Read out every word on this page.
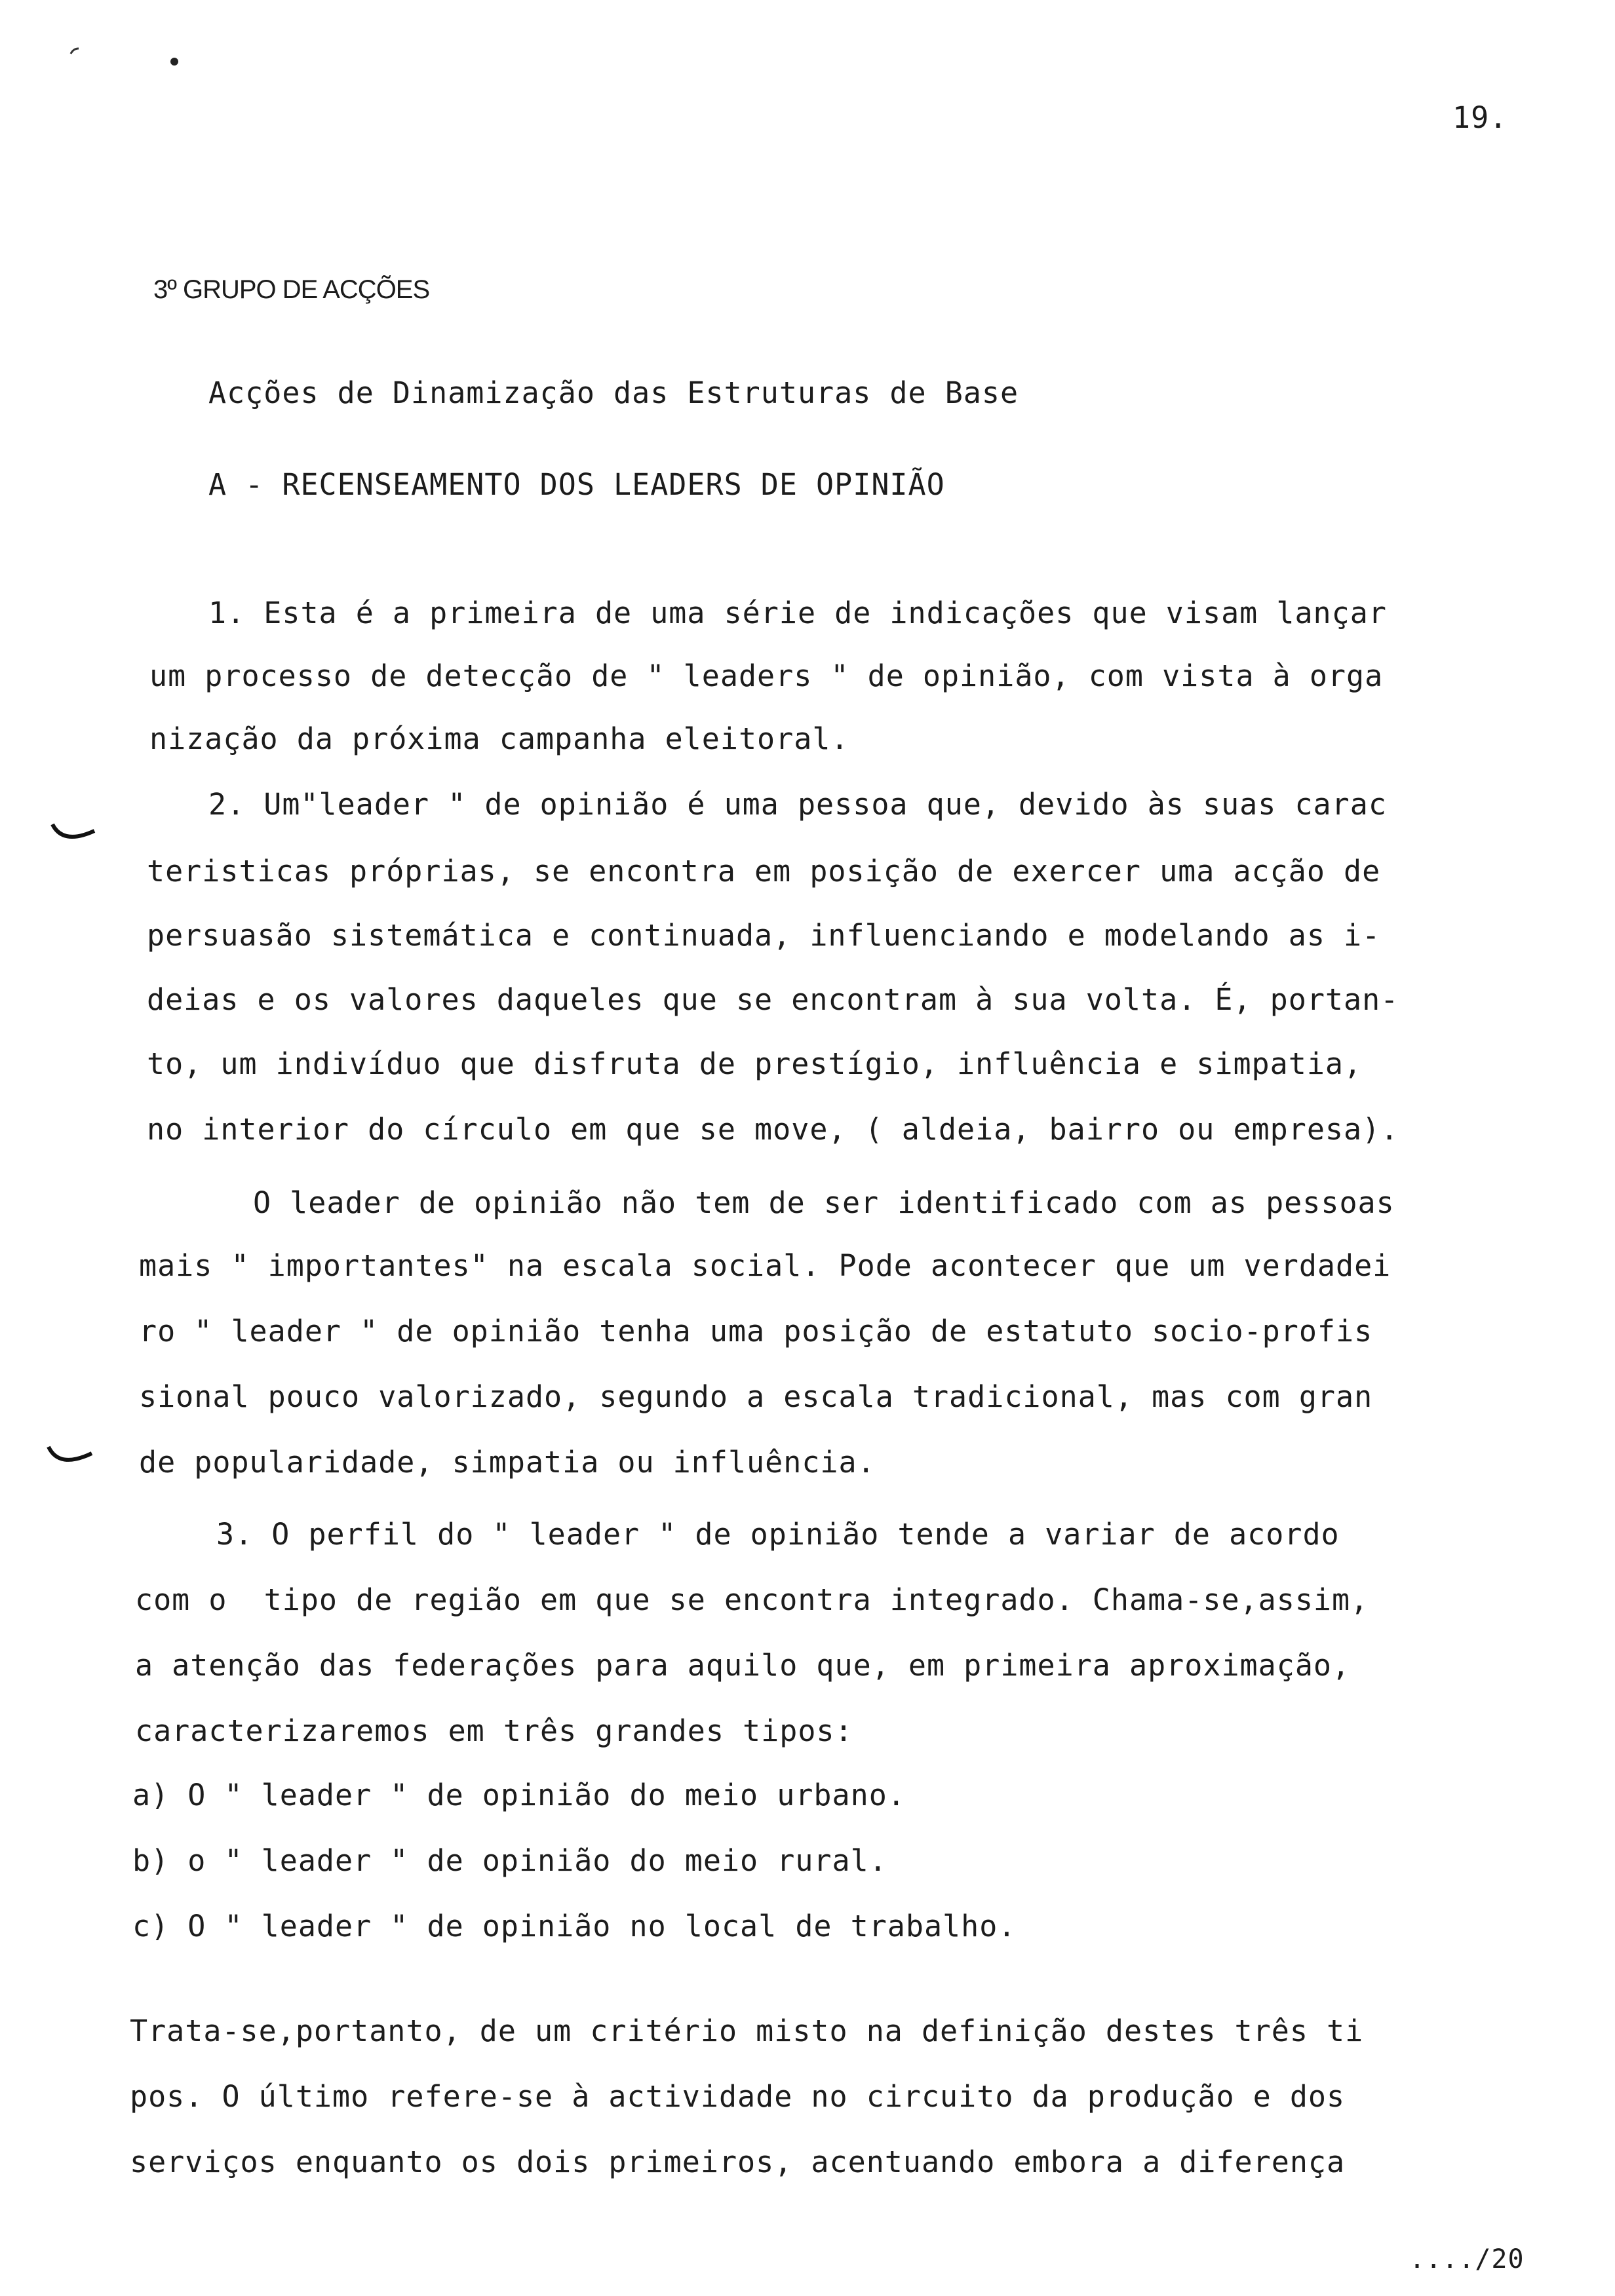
19.
3º GRUPO DE ACÇÕES
Acções de Dinamização das Estruturas de Base
A - RECENSEAMENTO DOS LEADERS DE OPINIÃO
1. Esta é a primeira de uma série de indicações que visam lançar
um processo de detecção de " leaders " de opinião, com vista à orga
nização da próxima campanha eleitoral.
2. Um"leader " de opinião é uma pessoa que, devido às suas carac
teristicas próprias, se encontra em posição de exercer uma acção de
persuasão sistemática e continuada, influenciando e modelando as i-
deias e os valores daqueles que se encontram à sua volta. É, portan-
to, um indivíduo que disfruta de prestígio, influência e simpatia,
no interior do círculo em que se move, ( aldeia, bairro ou empresa).
O leader de opinião não tem de ser identificado com as pessoas
mais " importantes" na escala social. Pode acontecer que um verdadei
ro " leader " de opinião tenha uma posição de estatuto socio-profis
sional pouco valorizado, segundo a escala tradicional, mas com gran
de popularidade, simpatia ou influência.
3. O perfil do " leader " de opinião tende a variar de acordo
com o  tipo de região em que se encontra integrado. Chama-se,assim,
a atenção das federações para aquilo que, em primeira aproximação,
caracterizaremos em três grandes tipos:
a) O " leader " de opinião do meio urbano.
b) o " leader " de opinião do meio rural.
c) O " leader " de opinião no local de trabalho.
Trata-se,portanto, de um critério misto na definição destes três ti
pos. O último refere-se à actividade no circuito da produção e dos
serviços enquanto os dois primeiros, acentuando embora a diferença
..../20
